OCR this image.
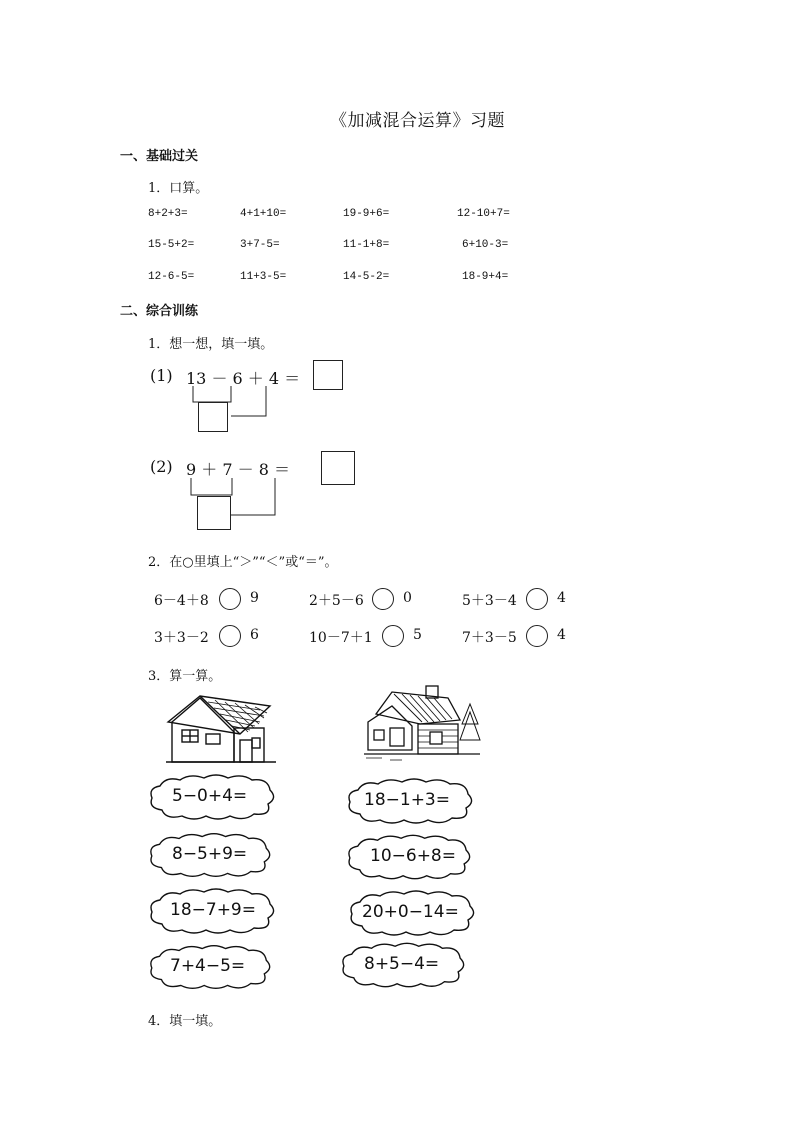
《加减混合运算》习题
一、基础过关
1．口算。
8+2+3=	4+1+10=	19-9+6=	12-10+7=
15-5+2=	3+7-5=	11-1+8=	6+10-3=
12-6-5=	11+3-5=	14-5-2=	18-9+4=
二、综合训练
1．想一想，填一填。
(1) 13 － 6 ＋ 4 ＝
(2) 9 ＋ 7 － 8 ＝
2．在○里填上“＞”“＜”或“＝”。
6－4＋8	9	2＋5－6	0	5＋3－4	4
3＋3－2	6	10－7＋1	5	7＋3－5	4
3．算一算。
5−0+4=
8−5+9=
18−7+9=
7+4−5=
18−1+3=
10−6+8=
20+0−14=
8+5−4=
4．填一填。
